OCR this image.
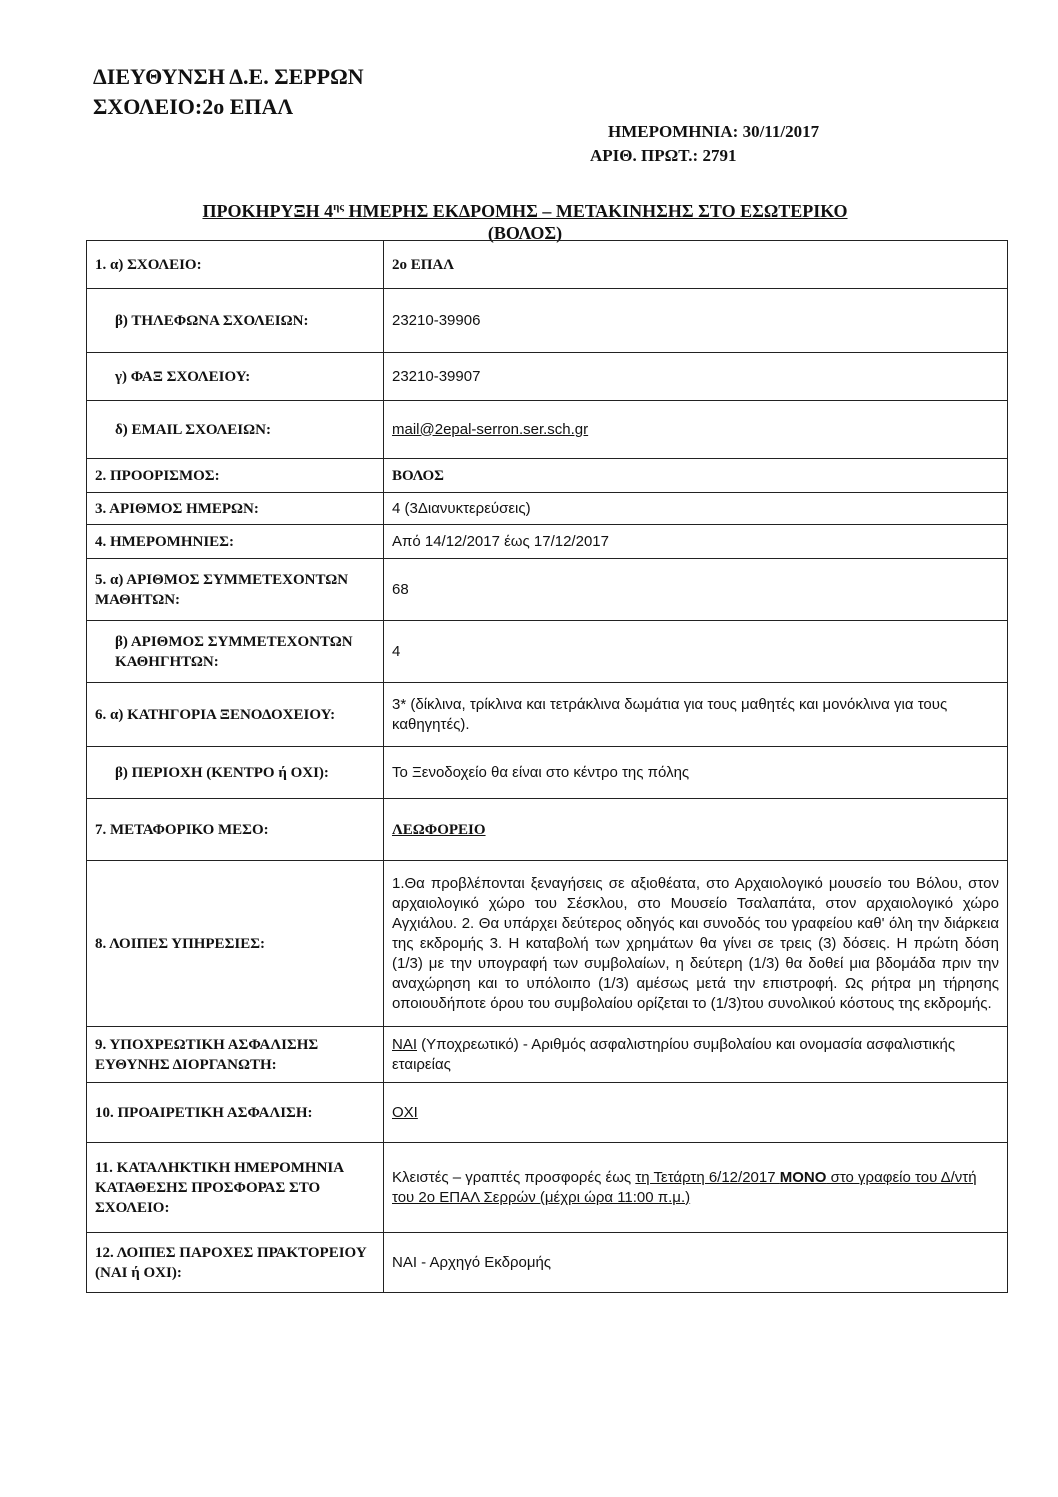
ΔΙΕΥΘΥΝΣΗ Δ.Ε. ΣΕΡΡΩΝ
ΣΧΟΛΕΙΟ:2ο ΕΠΑΛ
ΗΜΕΡΟΜΗΝΙΑ: 30/11/2017
ΑΡΙΘ. ΠΡΩΤ.: 2791
ΠΡΟΚΗΡΥΞΗ $4^{\eta\varsigma}$ ΗΜΕΡΗΣ ΕΚΔΡΟΜΗΣ – ΜΕΤΑΚΙΝΗΣΗΣ ΣΤΟ ΕΣΩΤΕΡΙΚΟ
(ΒΟΛΟΣ)
1. α) ΣΧΟΛΕΙΟ:	2ο ΕΠΑΛ
β) ΤΗΛΕΦΩΝΑ ΣΧΟΛΕΙΩΝ:	23210-39906
γ) ΦΑΞ ΣΧΟΛΕΙΟΥ:	23210-39907
δ) EMAIL ΣΧΟΛΕΙΩΝ:	mail@2epal-serron.ser.sch.gr
2. ΠΡΟΟΡΙΣΜΟΣ:	ΒΟΛΟΣ
3. ΑΡΙΘΜΟΣ ΗΜΕΡΩΝ:	4 (3Διανυκτερεύσεις)
4. ΗΜΕΡΟΜΗΝΙΕΣ:	Από 14/12/2017 έως 17/12/2017
5. α) ΑΡΙΘΜΟΣ ΣΥΜΜΕΤΕΧΟΝΤΩΝ ΜΑΘΗΤΩΝ:	68
β) ΑΡΙΘΜΟΣ ΣΥΜΜΕΤΕΧΟΝΤΩΝ ΚΑΘΗΓΗΤΩΝ:	4
6. α) ΚΑΤΗΓΟΡΙΑ ΞΕΝΟΔΟΧΕΙΟΥ:	3* (δίκλινα, τρίκλινα και τετράκλινα δωμάτια για τους μαθητές και μονόκλινα για τους καθηγητές).
β) ΠΕΡΙΟΧΗ (ΚΕΝΤΡΟ ή ΟΧΙ):	Το Ξενοδοχείο θα είναι στο κέντρο της πόλης
7. ΜΕΤΑΦΟΡΙΚΟ ΜΕΣΟ:	ΛΕΩΦΟΡΕΙΟ
8. ΛΟΙΠΕΣ ΥΠΗΡΕΣΙΕΣ:	1.Θα προβλέπονται ξεναγήσεις σε αξιοθέατα, στο Αρχαιολογικό μουσείο του Βόλου, στον αρχαιολογικό χώρο του Σέσκλου, στο Μουσείο Τσαλαπάτα, στον αρχαιολογικό χώρο Αγχιάλου. 2. Θα υπάρχει δεύτερος οδηγός και συνοδός του γραφείου καθ' όλη την διάρκεια της εκδρομής 3. Η καταβολή των χρημάτων θα γίνει σε τρεις (3) δόσεις. Η πρώτη δόση (1/3) με την υπογραφή των συμβολαίων, η δεύτερη (1/3) θα δοθεί μια βδομάδα πριν την αναχώρηση και το υπόλοιπο (1/3) αμέσως μετά την επιστροφή. Ως ρήτρα μη τήρησης οποιουδήποτε όρου του συμβολαίου ορίζεται το (1/3)του συνολικού κόστους της εκδρομής.
9. ΥΠΟΧΡΕΩΤΙΚΗ ΑΣΦΑΛΙΣΗΣ ΕΥΘΥΝΗΣ ΔΙΟΡΓΑΝΩΤΗ:	ΝΑΙ (Υποχρεωτικό) - Αριθμός ασφαλιστηρίου συμβολαίου και ονομασία ασφαλιστικής εταιρείας
10. ΠΡΟΑΙΡΕΤΙΚΗ ΑΣΦΑΛΙΣΗ:	ΟΧΙ
11. ΚΑΤΑΛΗΚΤΙΚΗ ΗΜΕΡΟΜΗΝΙΑ ΚΑΤΑΘΕΣΗΣ ΠΡΟΣΦΟΡΑΣ ΣΤΟ ΣΧΟΛΕΙΟ:	Κλειστές – γραπτές προσφορές έως τη Τετάρτη 6/12/2017 ΜΟΝΟ στο γραφείο του Δ/ντή του 2ο ΕΠΑΛ Σερρών (μέχρι ώρα 11:00 π.μ.)
12. ΛΟΙΠΕΣ ΠΑΡΟΧΕΣ ΠΡΑΚΤΟΡΕΙΟΥ (ΝΑΙ ή ΟΧΙ):	ΝΑΙ - Αρχηγό Εκδρομής
